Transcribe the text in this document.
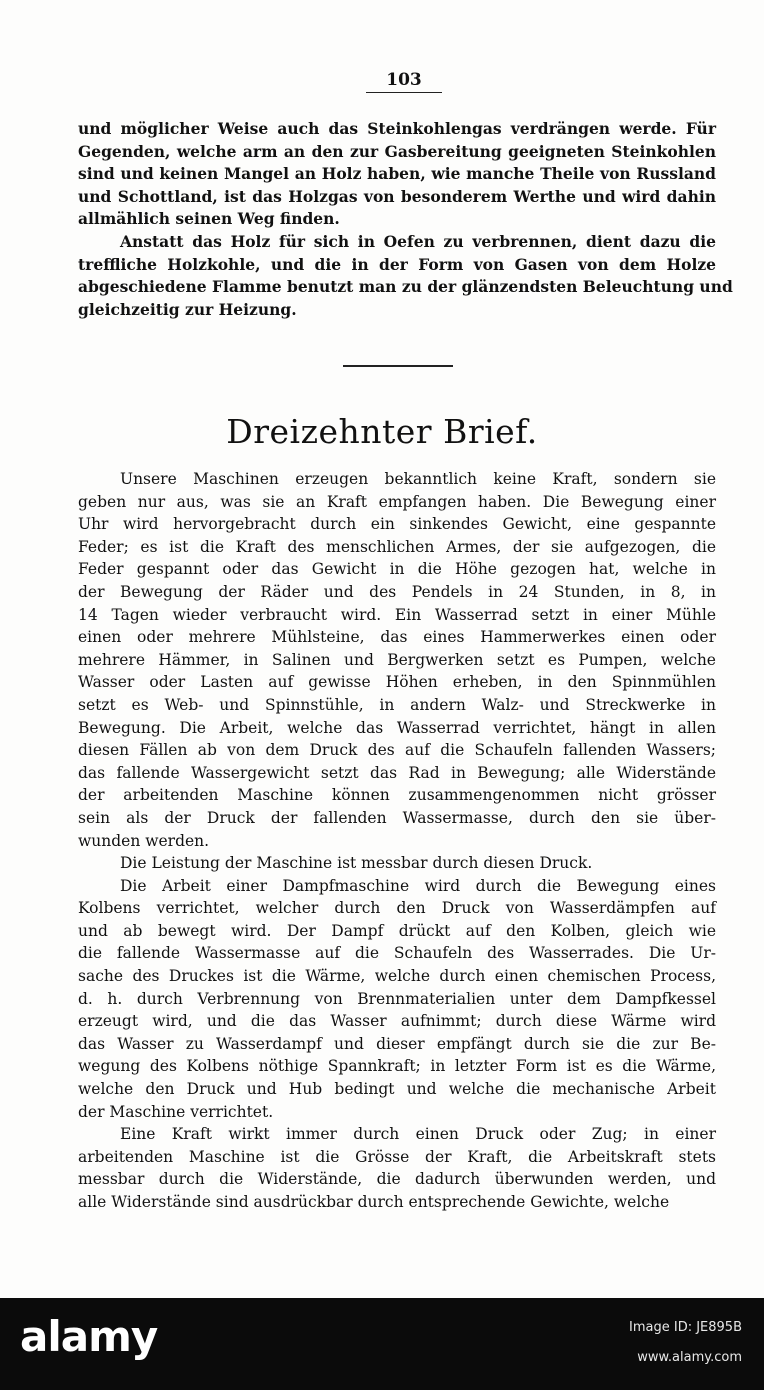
103

und möglicher Weise auch das Steinkohlengas verdrängen werde. Für
Gegenden, welche arm an den zur Gasbereitung geeigneten Steinkohlen
sind und keinen Mangel an Holz haben, wie manche Theile von Russland
und Schottland, ist das Holzgas von besonderem Werthe und wird dahin
allmählich seinen Weg finden.

Anstatt das Holz für sich in Oefen zu verbrennen, dient dazu die
treffliche Holzkohle, und die in der Form von Gasen von dem Holze
abgeschiedene Flamme benutzt man zu der glänzendsten Beleuchtung und
gleichzeitig zur Heizung.

Dreizehnter Brief.

Unsere Maschinen erzeugen bekanntlich keine Kraft, sondern sie
geben nur aus, was sie an Kraft empfangen haben. Die Bewegung einer
Uhr wird hervorgebracht durch ein sinkendes Gewicht, eine gespannte
Feder; es ist die Kraft des menschlichen Armes, der sie aufgezogen, die
Feder gespannt oder das Gewicht in die Höhe gezogen hat, welche in
der Bewegung der Räder und des Pendels in 24 Stunden, in 8, in
14 Tagen wieder verbraucht wird. Ein Wasserrad setzt in einer Mühle
einen oder mehrere Mühlsteine, das eines Hammerwerkes einen oder
mehrere Hämmer, in Salinen und Bergwerken setzt es Pumpen, welche
Wasser oder Lasten auf gewisse Höhen erheben, in den Spinnmühlen
setzt es Web- und Spinnstühle, in andern Walz- und Streckwerke in
Bewegung. Die Arbeit, welche das Wasserrad verrichtet, hängt in allen
diesen Fällen ab von dem Druck des auf die Schaufeln fallenden Wassers;
das fallende Wassergewicht setzt das Rad in Bewegung; alle Widerstände
der arbeitenden Maschine können zusammengenommen nicht grösser
sein als der Druck der fallenden Wassermasse, durch den sie über-
wunden werden.

Die Leistung der Maschine ist messbar durch diesen Druck.

Die Arbeit einer Dampfmaschine wird durch die Bewegung eines
Kolbens verrichtet, welcher durch den Druck von Wasserdämpfen auf
und ab bewegt wird. Der Dampf drückt auf den Kolben, gleich wie
die fallende Wassermasse auf die Schaufeln des Wasserrades. Die Ur-
sache des Druckes ist die Wärme, welche durch einen chemischen Process,
d. h. durch Verbrennung von Brennmaterialien unter dem Dampfkessel
erzeugt wird, und die das Wasser aufnimmt; durch diese Wärme wird
das Wasser zu Wasserdampf und dieser empfängt durch sie die zur Be-
wegung des Kolbens nöthige Spannkraft; in letzter Form ist es die Wärme,
welche den Druck und Hub bedingt und welche die mechanische Arbeit
der Maschine verrichtet.

Eine Kraft wirkt immer durch einen Druck oder Zug; in einer
arbeitenden Maschine ist die Grösse der Kraft, die Arbeitskraft stets
messbar durch die Widerstände, die dadurch überwunden werden, und
alle Widerstände sind ausdrückbar durch entsprechende Gewichte, welche

alamy	Image ID: JE895B
www.alamy.com
